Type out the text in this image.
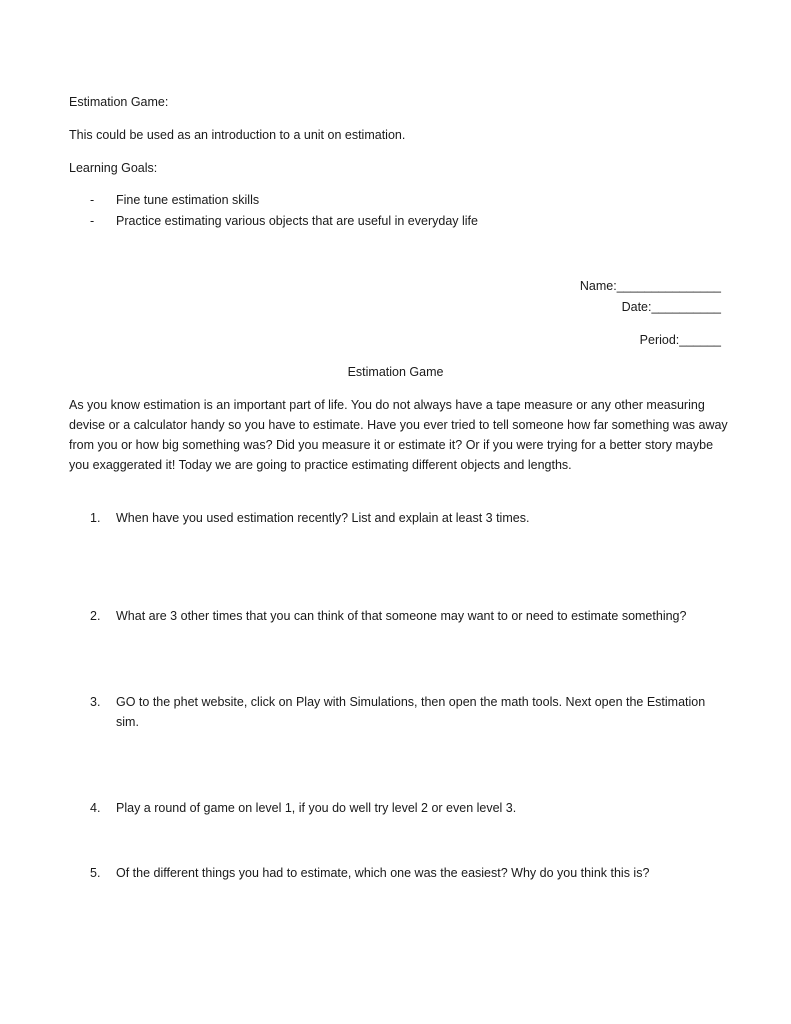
Estimation Game:
This could be used as an introduction to a unit on estimation.
Learning Goals:
- Fine tune estimation skills
- Practice estimating various objects that are useful in everyday life
Name:_______________
Date:__________
Period:______
Estimation Game
As you know estimation is an important part of life. You do not always have a tape measure or any other measuring devise or a calculator handy so you have to estimate. Have you ever tried to tell someone how far something was away from you or how big something was? Did you measure it or estimate it? Or if you were trying for a better story maybe you exaggerated it! Today we are going to practice estimating different objects and lengths.
1.	When have you used estimation recently? List and explain at least 3 times.
2.	What are 3 other times that you can think of that someone may want to or need to estimate something?
3.	GO to the phet website, click on Play with Simulations, then open the math tools. Next open the Estimation sim.
4.	Play a round of game on level 1, if you do well try level 2 or even level 3.
5.	Of the different things you had to estimate, which one was the easiest? Why do you think this is?
